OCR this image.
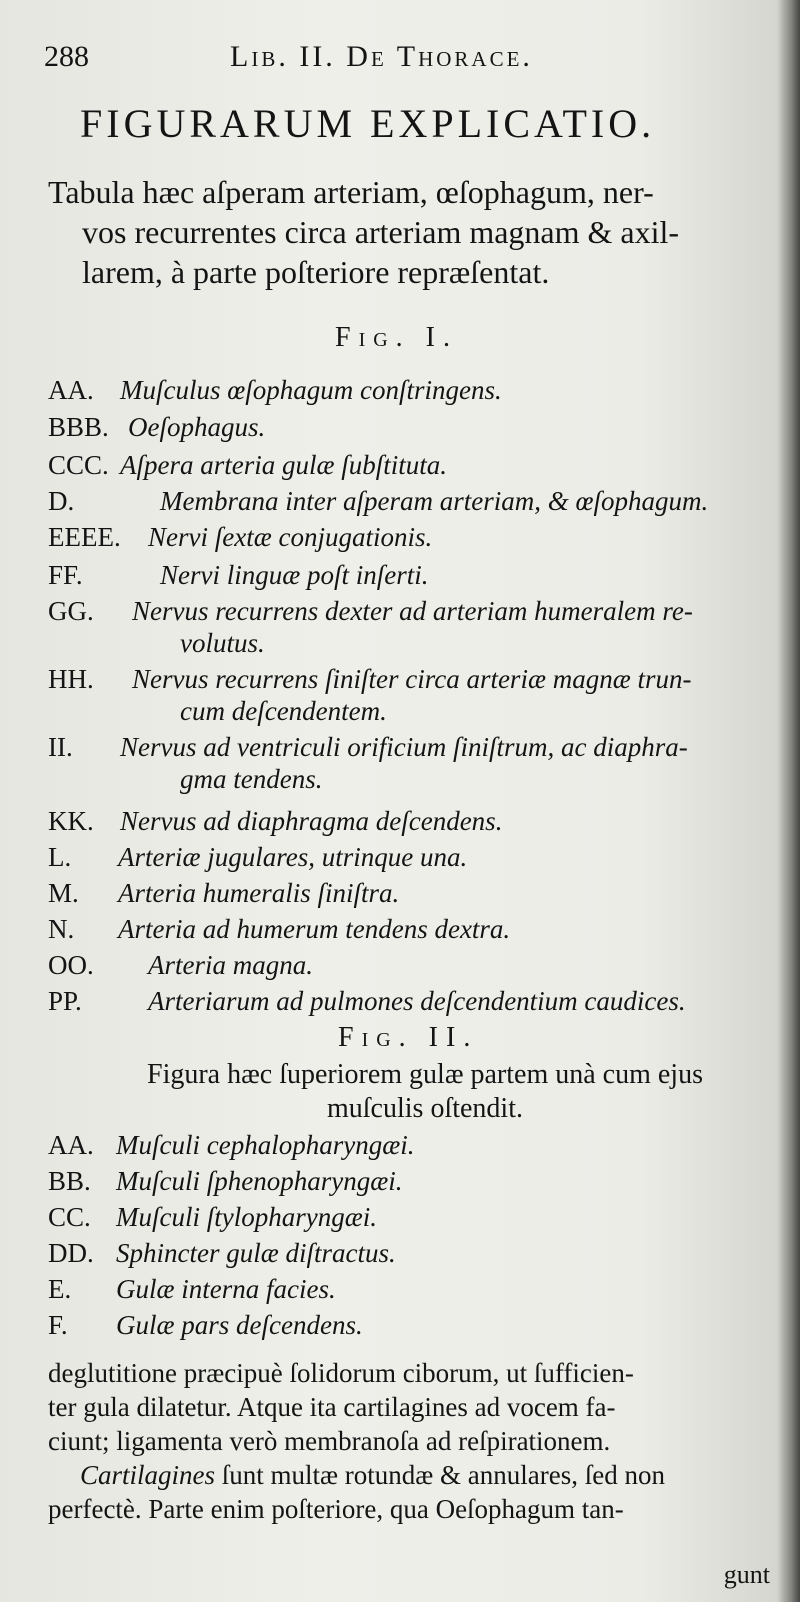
288	Lib. II. De Thorace.
FIGURARUM EXPLICATIO.
Tabula hæc aſperam arteriam, œſophagum, ner-
vos recurrentes circa arteriam magnam & axil-
larem, à parte poſteriore repræſentat.
Fig. I.
AA. Muſculus œſophagum conſtringens.
BBB. Oeſophagus.
CCC. Aſpera arteria gulæ ſubſtituta.
D.	Membrana inter aſperam arteriam, & œſophagum.
EEEE. Nervi ſextæ conjugationis.
FF.	Nervi linguæ poſt inſerti.
GG. Nervus recurrens dexter ad arteriam humeralem re-
volutus.
HH. Nervus recurrens ſiniſter circa arteriæ magnæ trun-
cum deſcendentem.
II. Nervus ad ventriculi orificium ſiniſtrum, ac diaphra-
gma tendens.
KK. Nervus ad diaphragma deſcendens.
L. Arteriæ jugulares, utrinque una.
M. Arteria humeralis ſiniſtra.
N. Arteria ad humerum tendens dextra.
OO. Arteria magna.
PP. Arteriarum ad pulmones deſcendentium caudices.
Fig. II.
Figura hæc ſuperiorem gulæ partem unà cum ejus
muſculis oſtendit.
AA. Muſculi cephalopharyngæi.
BB. Muſculi ſphenopharyngæi.
CC. Muſculi ſtylopharyngæi.
DD. Sphincter gulæ diſtractus.
E. Gulæ interna facies.
F. Gulæ pars deſcendens.
deglutitione præcipuè ſolidorum ciborum, ut ſufficien-
ter gula dilatetur. Atque ita cartilagines ad vocem fa-
ciunt; ligamenta verò membranoſa ad reſpirationem.
Cartilagines ſunt multæ rotundæ & annulares, ſed non
perfectè. Parte enim poſteriore, qua Oeſophagum tan-
gunt
